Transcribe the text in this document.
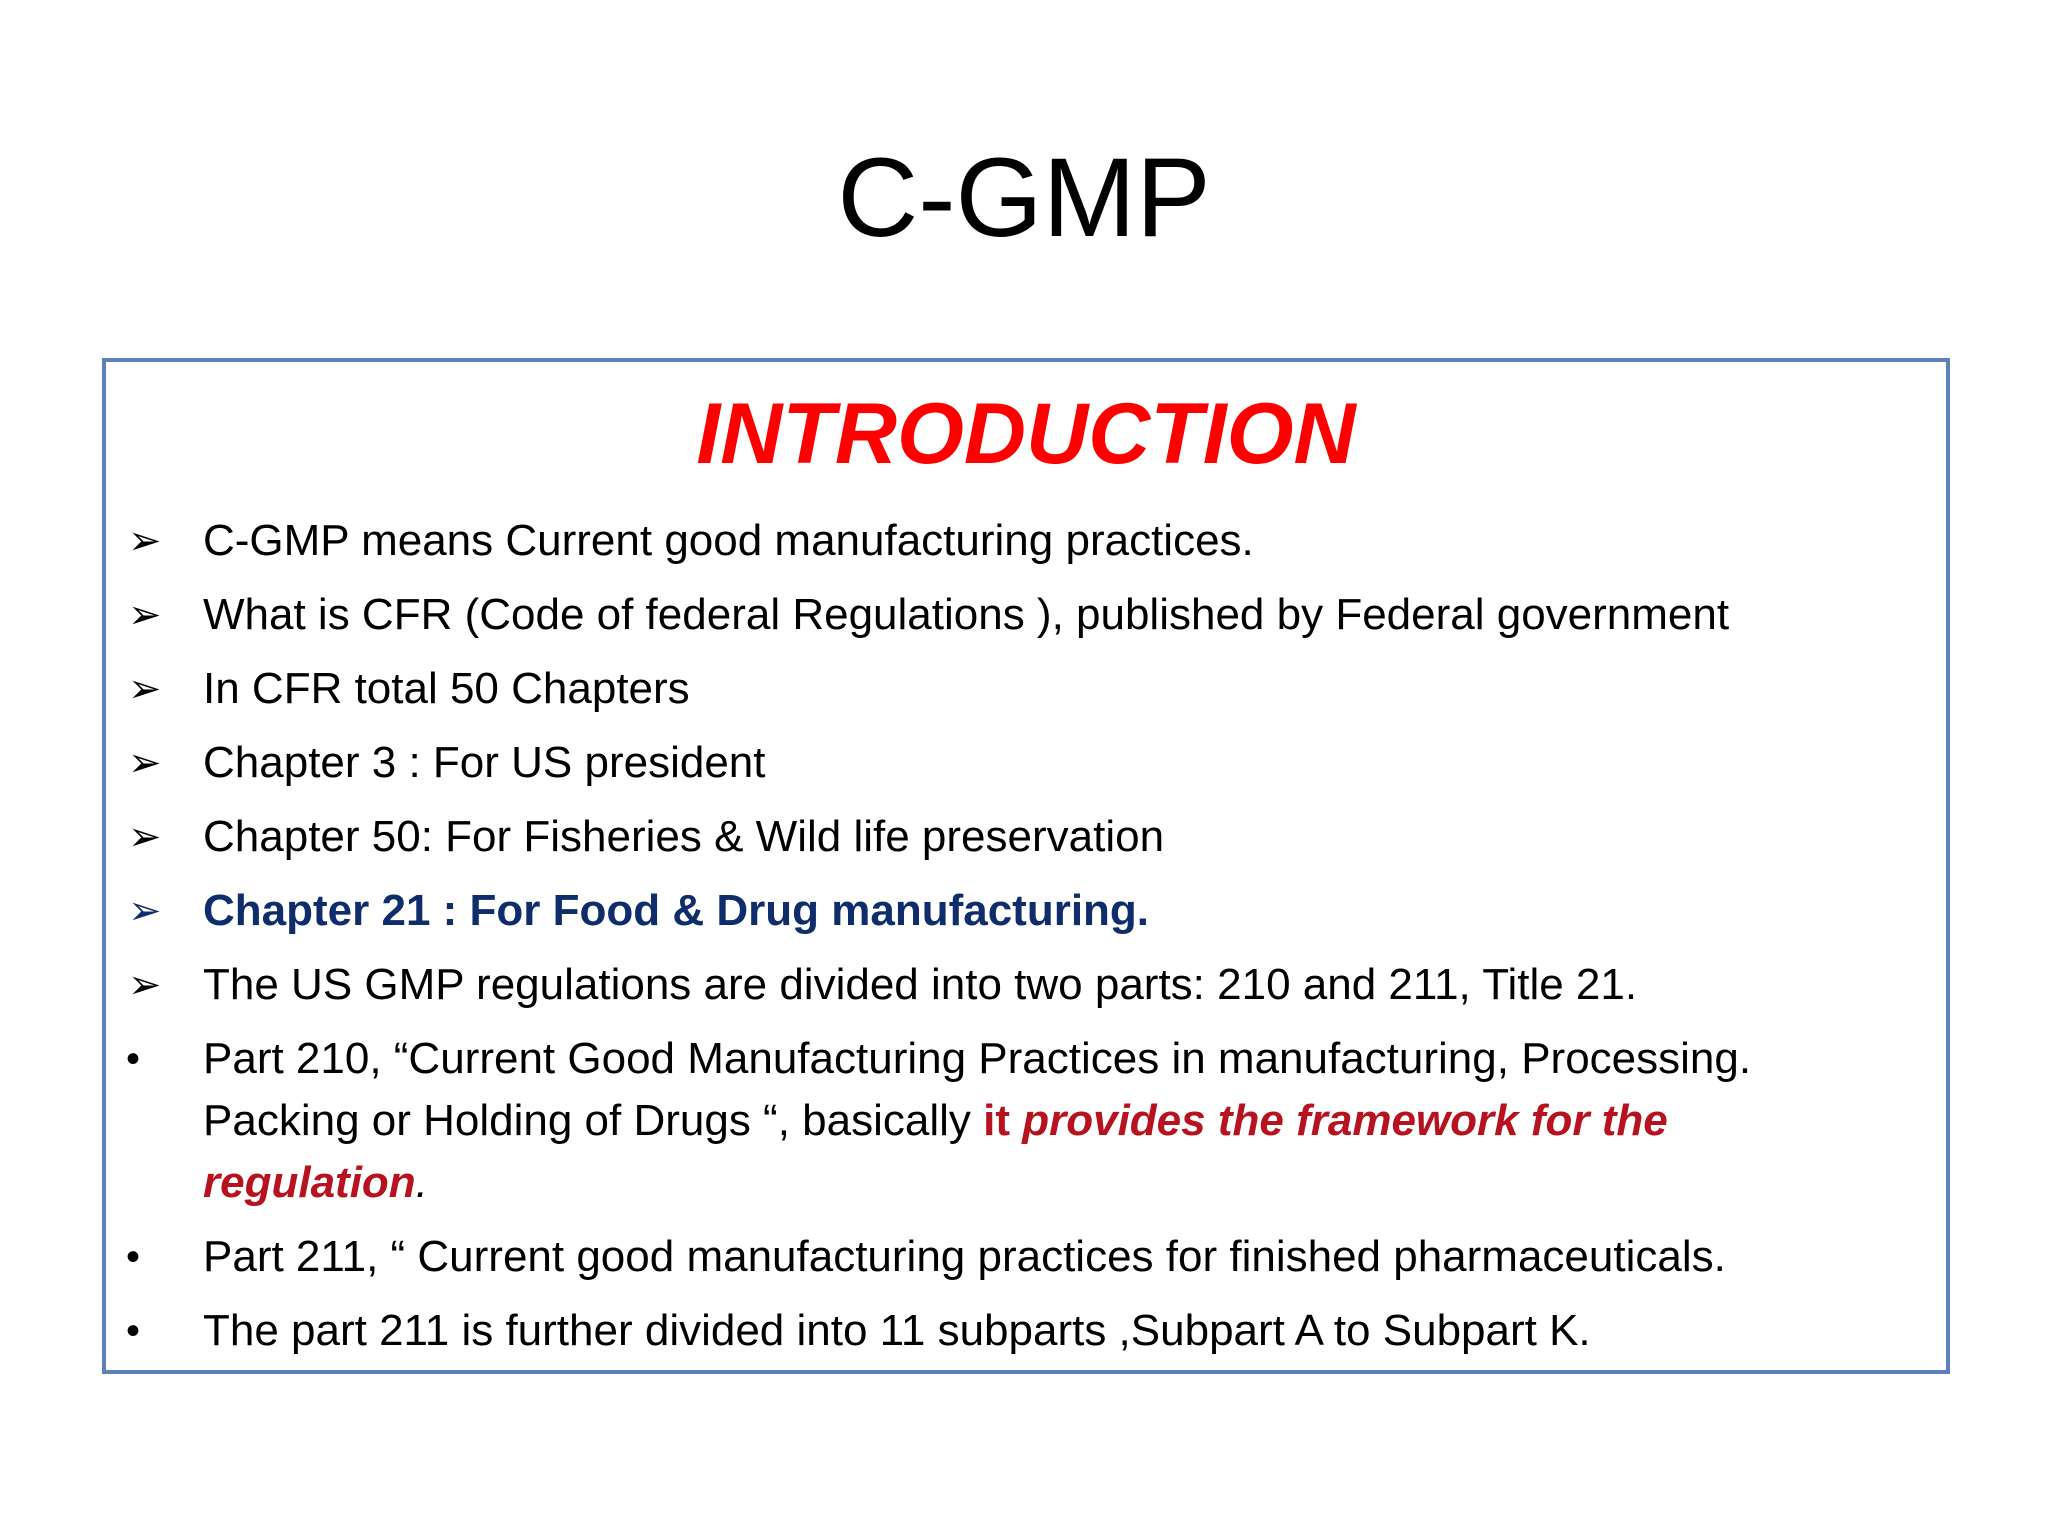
C-GMP
INTRODUCTION
➢ C-GMP means Current good manufacturing practices.
➢ What is CFR (Code of federal Regulations ), published by Federal government
➢ In CFR total 50 Chapters
➢ Chapter 3 : For US president
➢ Chapter 50: For Fisheries & Wild life preservation
➢ Chapter 21 : For Food & Drug manufacturing.
➢ The US GMP regulations are divided into two parts: 210 and 211, Title 21.
•	Part 210, “Current Good Manufacturing Practices in manufacturing, Processing.
Packing or Holding of Drugs “, basically it provides the framework for the
regulation.
•	Part 211, “ Current good manufacturing practices for finished pharmaceuticals.
•	The part 211 is further divided into 11 subparts ,Subpart A to Subpart K.
